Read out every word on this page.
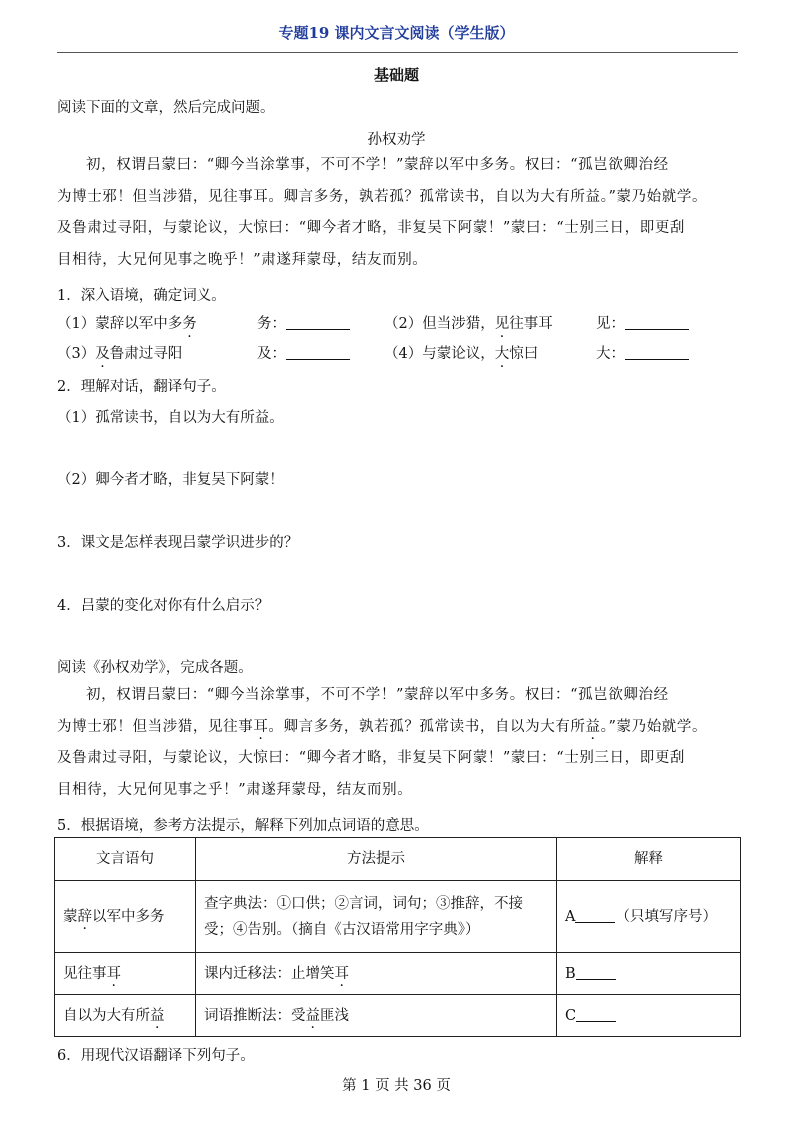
专题19 课内文言文阅读（学生版）
基础题
阅读下面的文章，然后完成问题。
孙权劝学
初，权谓吕蒙曰：“卿今当涂掌事，不可不学！”蒙辞以军中多务。权曰：“孤岂欲卿治经
为博士邪！但当涉猎，见往事耳。卿言多务，孰若孤？孤常读书，自以为大有所益。”蒙乃始就学。
及鲁肃过寻阳，与蒙论议，大惊曰：“卿今者才略，非复吴下阿蒙！”蒙曰：“士别三日，即更刮
目相待，大兄何见事之晚乎！”肃遂拜蒙母，结友而别。
1．深入语境，确定词义。
（1）蒙辞以军中多务	务：	（2）但当涉猎，见往事耳	见：
（3）及鲁肃过寻阳	及：	（4）与蒙论议，大惊曰	大：
2．理解对话，翻译句子。
（1）孤常读书，自以为大有所益。
（2）卿今者才略，非复吴下阿蒙！
3．课文是怎样表现吕蒙学识进步的？
4．吕蒙的变化对你有什么启示？
阅读《孙权劝学》，完成各题。
初，权谓吕蒙曰：“卿今当涂掌事，不可不学！”蒙辞以军中多务。权曰：“孤岂欲卿治经
为博士邪！但当涉猎，见往事耳。卿言多务，孰若孤？孤常读书，自以为大有所益。”蒙乃始就学。
及鲁肃过寻阳，与蒙论议，大惊曰：“卿今者才略，非复吴下阿蒙！”蒙曰：“士别三日，即更刮
目相待，大兄何见事之乎！”肃遂拜蒙母，结友而别。
5．根据语境，参考方法提示，解释下列加点词语的意思。
文言语句	方法提示	解释
蒙辞以军中多务	查字典法：①口供；②言词，词句；③推辞，不接受；④告别。（摘自《古汉语常用字字典》）	A （只填写序号）
见往事耳	课内迁移法：止增笑耳	B
自以为大有所益	词语推断法：受益匪浅	C
6．用现代汉语翻译下列句子。
第 1 页 共 36 页
